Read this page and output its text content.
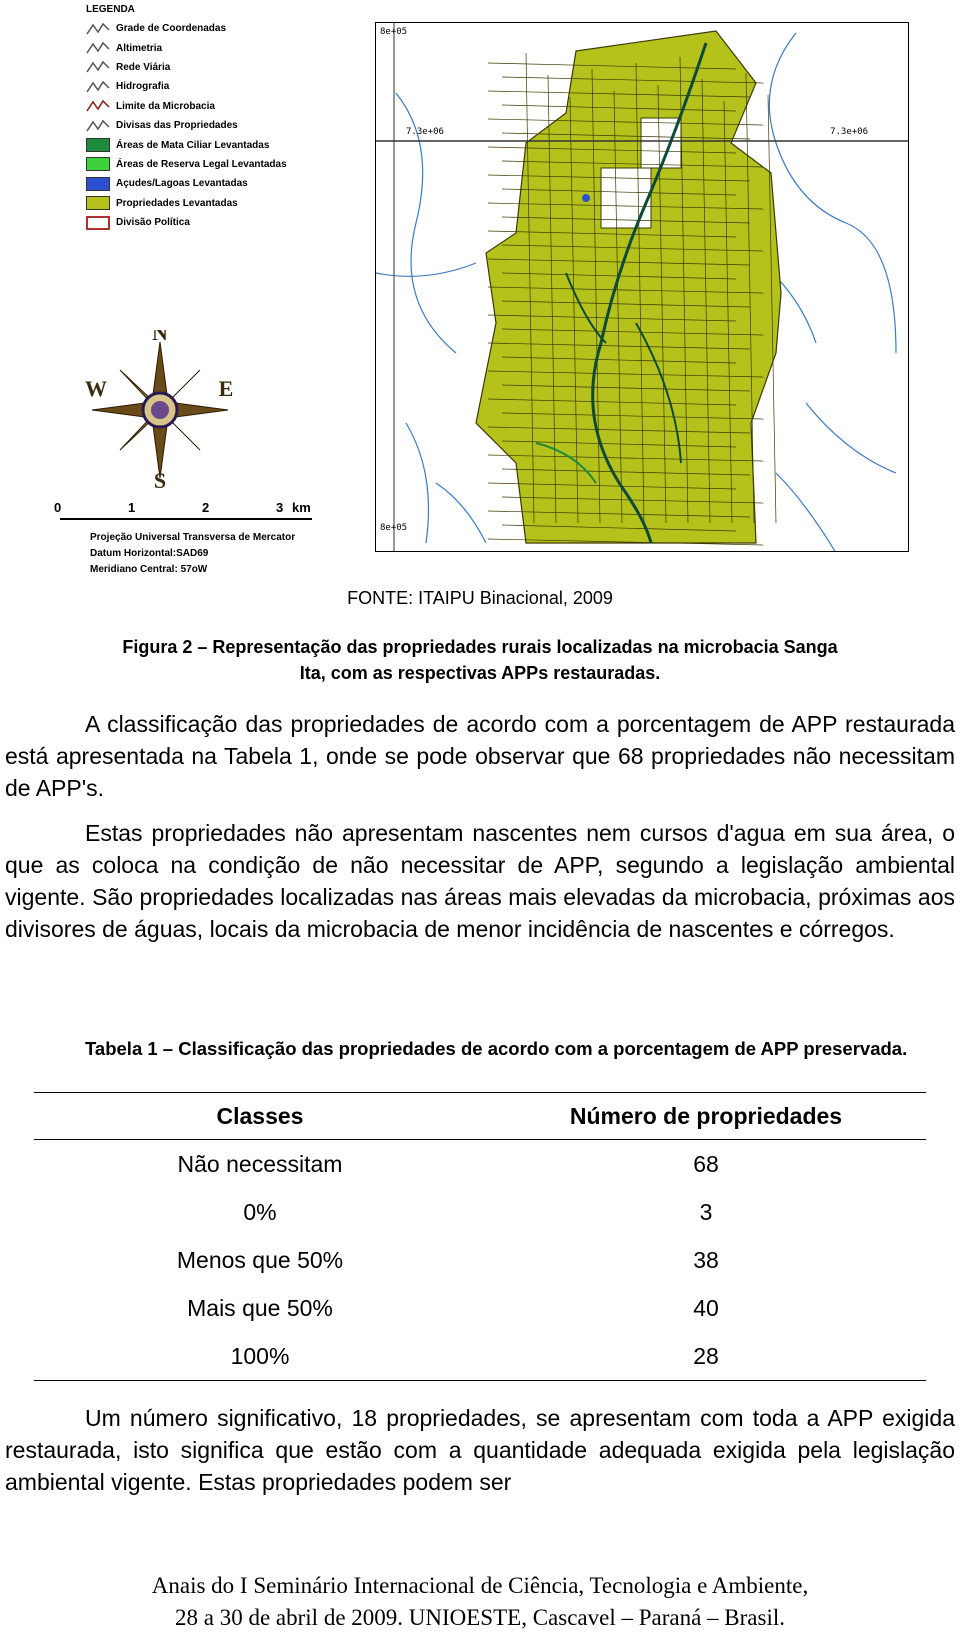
LEGENDA
Grade de Coordenadas
Altimetria
Rede Viária
Hidrografia
Limite da Microbacia
Divisas das Propriedades
Áreas de Mata Ciliar Levantadas
Áreas de Reserva Legal Levantadas
Açudes/Lagoas Levantadas
Propriedades Levantadas
Divisão Política
N
S
W	E
0	1	2	3 km
Projeção Universal Transversa de Mercator
Datum Horizontal:SAD69
Meridiano Central: 57oW
8e+05
8e+05
7.3e+06	7.3e+06
FONTE: ITAIPU Binacional, 2009
Figura 2 – Representação das propriedades rurais localizadas na microbacia Sanga
Ita, com as respectivas APPs restauradas.

A classificação das propriedades de acordo com a porcentagem de APP restaurada está apresentada na Tabela 1, onde se pode observar que 68 propriedades não necessitam de APP's.

Estas propriedades não apresentam nascentes nem cursos d'agua em sua área, o que as coloca na condição de não necessitar de APP, segundo a legislação ambiental vigente. São propriedades localizadas nas áreas mais elevadas da microbacia, próximas aos divisores de águas, locais da microbacia de menor incidência de nascentes e córregos.

Tabela 1 – Classificação das propriedades de acordo com a porcentagem de APP preservada.
Classes	Número de propriedades
Não necessitam	68
0%	3
Menos que 50%	38
Mais que 50%	40
100%	28

Um número significativo, 18 propriedades, se apresentam com toda a APP exigida restaurada, isto significa que estão com a quantidade adequada exigida pela legislação ambiental vigente. Estas propriedades podem ser

Anais do I Seminário Internacional de Ciência, Tecnologia e Ambiente,
28 a 30 de abril de 2009. UNIOESTE, Cascavel – Paraná – Brasil.
